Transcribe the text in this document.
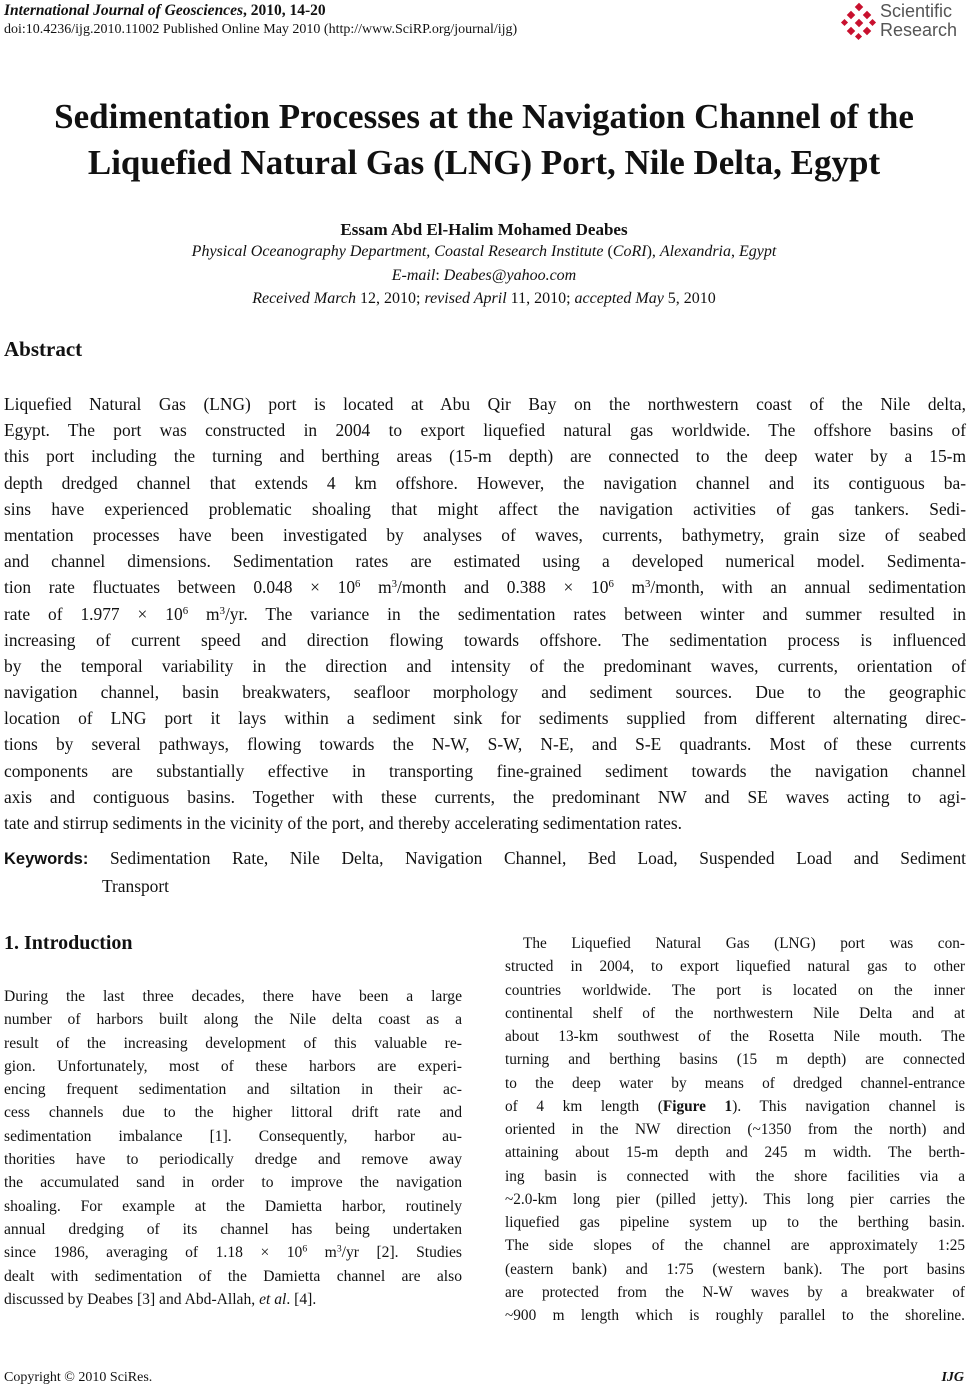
International Journal of Geosciences, 2010, 14-20
doi:10.4236/ijg.2010.11002 Published Online May 2010 (http://www.SciRP.org/journal/ijg)
Scientific
Research
Sedimentation Processes at the Navigation Channel of the
Liquefied Natural Gas (LNG) Port, Nile Delta, Egypt
Essam Abd El-Halim Mohamed Deabes
Physical Oceanography Department, Coastal Research Institute (CoRI), Alexandria, Egypt
E-mail: Deabes@yahoo.com
Received March 12, 2010; revised April 11, 2010; accepted May 5, 2010
Abstract
Liquefied Natural Gas (LNG) port is located at Abu Qir Bay on the northwestern coast of the Nile delta,
Egypt. The port was constructed in 2004 to export liquefied natural gas worldwide. The offshore basins of
this port including the turning and berthing areas (15-m depth) are connected to the deep water by a 15-m
depth dredged channel that extends 4 km offshore. However, the navigation channel and its contiguous ba-
sins have experienced problematic shoaling that might affect the navigation activities of gas tankers. Sedi-
mentation processes have been investigated by analyses of waves, currents, bathymetry, grain size of seabed
and channel dimensions. Sedimentation rates are estimated using a developed numerical model. Sedimenta-
tion rate fluctuates between $0.048 \times 10^6$ $m^3$/month and $0.388 \times 10^6$ $m^3$/month, with an annual sedimentation
rate of $1.977 \times 10^6$ $m^3/yr$. The variance in the sedimentation rates between winter and summer resulted in
increasing of current speed and direction flowing towards offshore. The sedimentation process is influenced
by the temporal variability in the direction and intensity of the predominant waves, currents, orientation of
navigation channel, basin breakwaters, seafloor morphology and sediment sources. Due to the geographic
location of LNG port it lays within a sediment sink for sediments supplied from different alternating direc-
tions by several pathways, flowing towards the N-W, S-W, N-E, and S-E quadrants. Most of these currents
components are substantially effective in transporting fine-grained sediment towards the navigation channel
axis and contiguous basins. Together with these currents, the predominant NW and SE waves acting to agi-
tate and stirrup sediments in the vicinity of the port, and thereby accelerating sedimentation rates.
Keywords: Sedimentation Rate, Nile Delta, Navigation Channel, Bed Load, Suspended Load and Sediment
Transport
1. Introduction
During the last three decades, there have been a large
number of harbors built along the Nile delta coast as a
result of the increasing development of this valuable re-
gion. Unfortunately, most of these harbors are experi-
encing frequent sedimentation and siltation in their ac-
cess channels due to the higher littoral drift rate and
sedimentation imbalance [1]. Consequently, harbor au-
thorities have to periodically dredge and remove away
the accumulated sand in order to improve the navigation
shoaling. For example at the Damietta harbor, routinely
annual dredging of its channel has being undertaken
since 1986, averaging of $1.18 \times 10^6$ $m^3/yr$ [2]. Studies
dealt with sedimentation of the Damietta channel are also
discussed by Deabes [3] and Abd-Allah, et al. [4].
The Liquefied Natural Gas (LNG) port was con-
structed in 2004, to export liquefied natural gas to other
countries worldwide. The port is located on the inner
continental shelf of the northwestern Nile Delta and at
about 13-km southwest of the Rosetta Nile mouth. The
turning and berthing basins (15 m depth) are connected
to the deep water by means of dredged channel-entrance
of 4 km length (Figure 1). This navigation channel is
oriented in the NW direction (~1350 from the north) and
attaining about 15-m depth and 245 m width. The berth-
ing basin is connected with the shore facilities via a
~2.0-km long pier (pilled jetty). This long pier carries the
liquefied gas pipeline system up to the berthing basin.
The side slopes of the channel are approximately 1:25
(eastern bank) and 1:75 (western bank). The port basins
are protected from the N-W waves by a breakwater of
~900 m length which is roughly parallel to the shoreline.
Copyright © 2010 SciRes.	IJG
